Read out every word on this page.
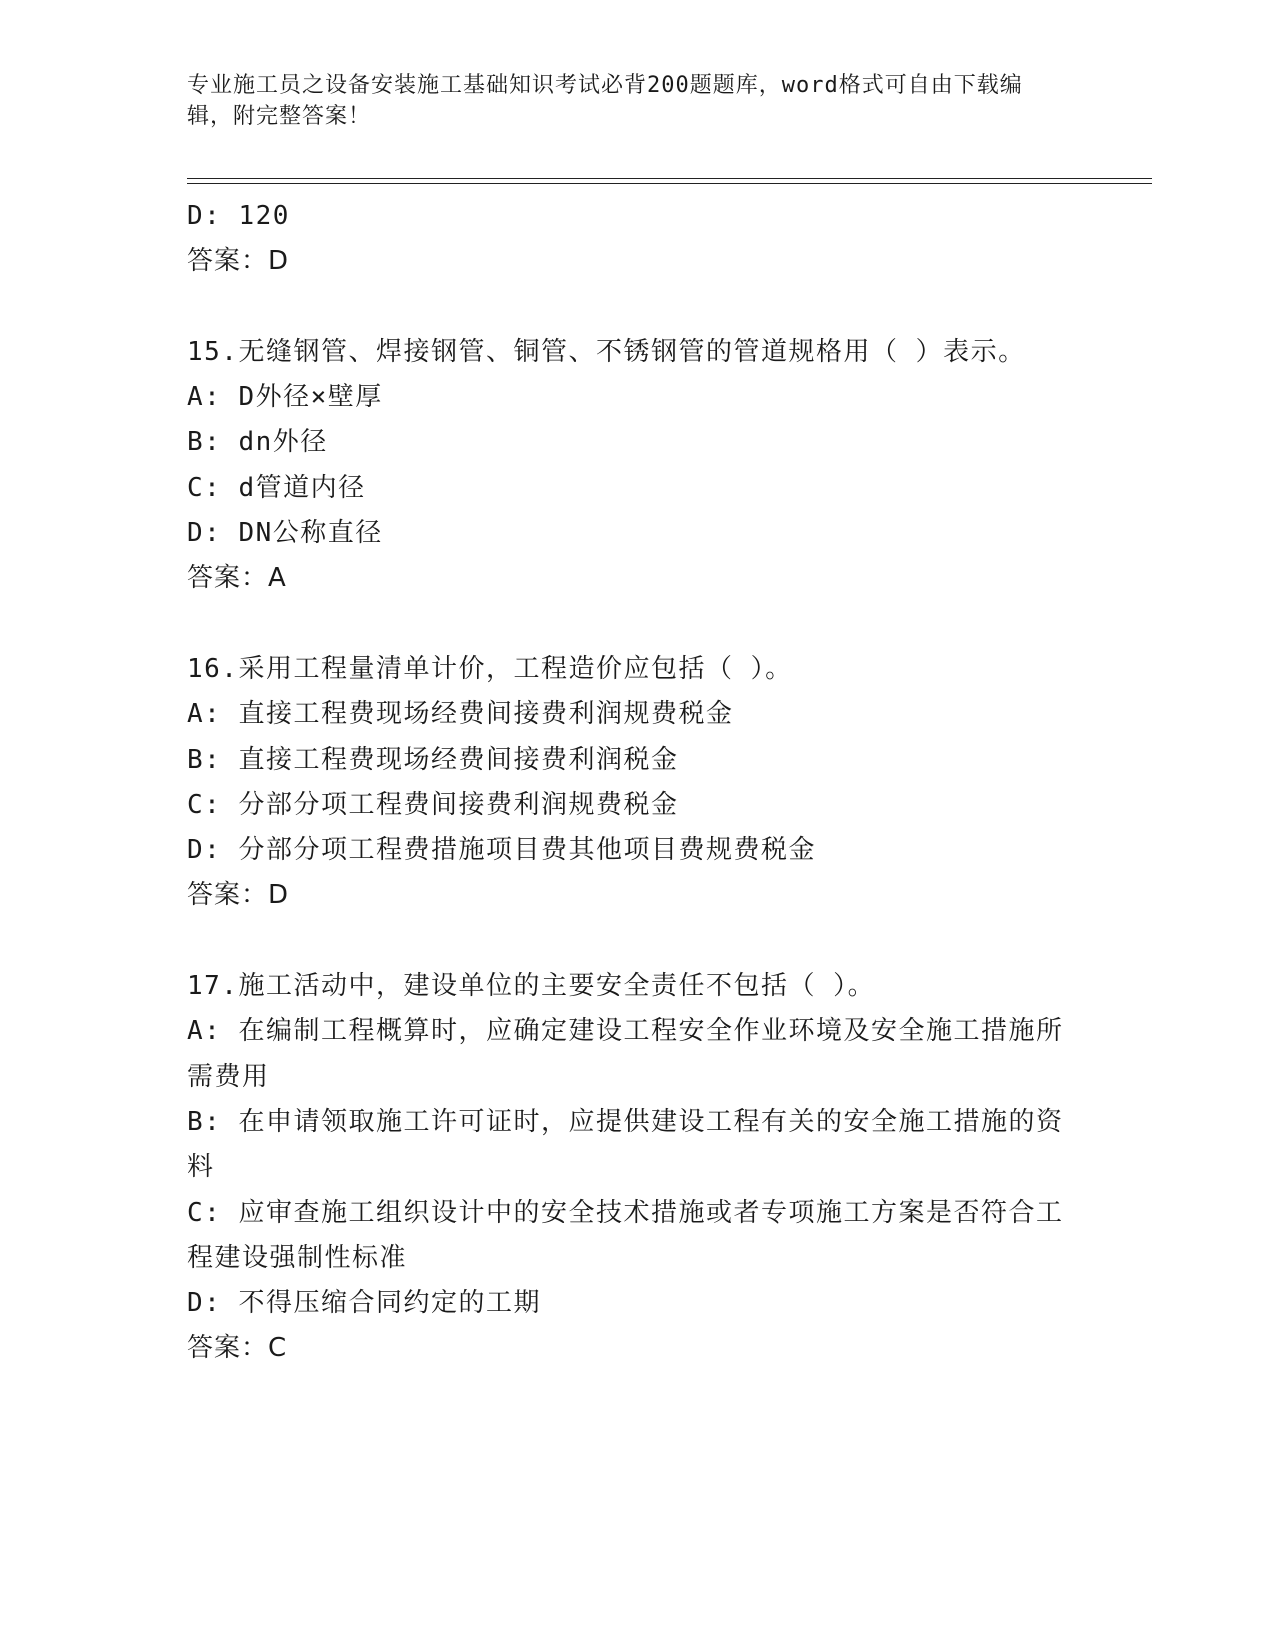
专业施工员之设备安装施工基础知识考试必背200题题库，word格式可自由下载编辑，附完整答案！
D: 120
答案：D
15.无缝钢管、焊接钢管、铜管、不锈钢管的管道规格用（ ）表示。
A: D外径×壁厚
B: dn外径
C: d管道内径
D: DN公称直径
答案：A
16.采用工程量清单计价，工程造价应包括（ ）。
A: 直接工程费现场经费间接费利润规费税金
B: 直接工程费现场经费间接费利润税金
C: 分部分项工程费间接费利润规费税金
D: 分部分项工程费措施项目费其他项目费规费税金
答案：D
17.施工活动中，建设单位的主要安全责任不包括（ ）。
A: 在编制工程概算时，应确定建设工程安全作业环境及安全施工措施所需费用
B: 在申请领取施工许可证时，应提供建设工程有关的安全施工措施的资料
C: 应审查施工组织设计中的安全技术措施或者专项施工方案是否符合工程建设强制性标准
D: 不得压缩合同约定的工期
答案：C
